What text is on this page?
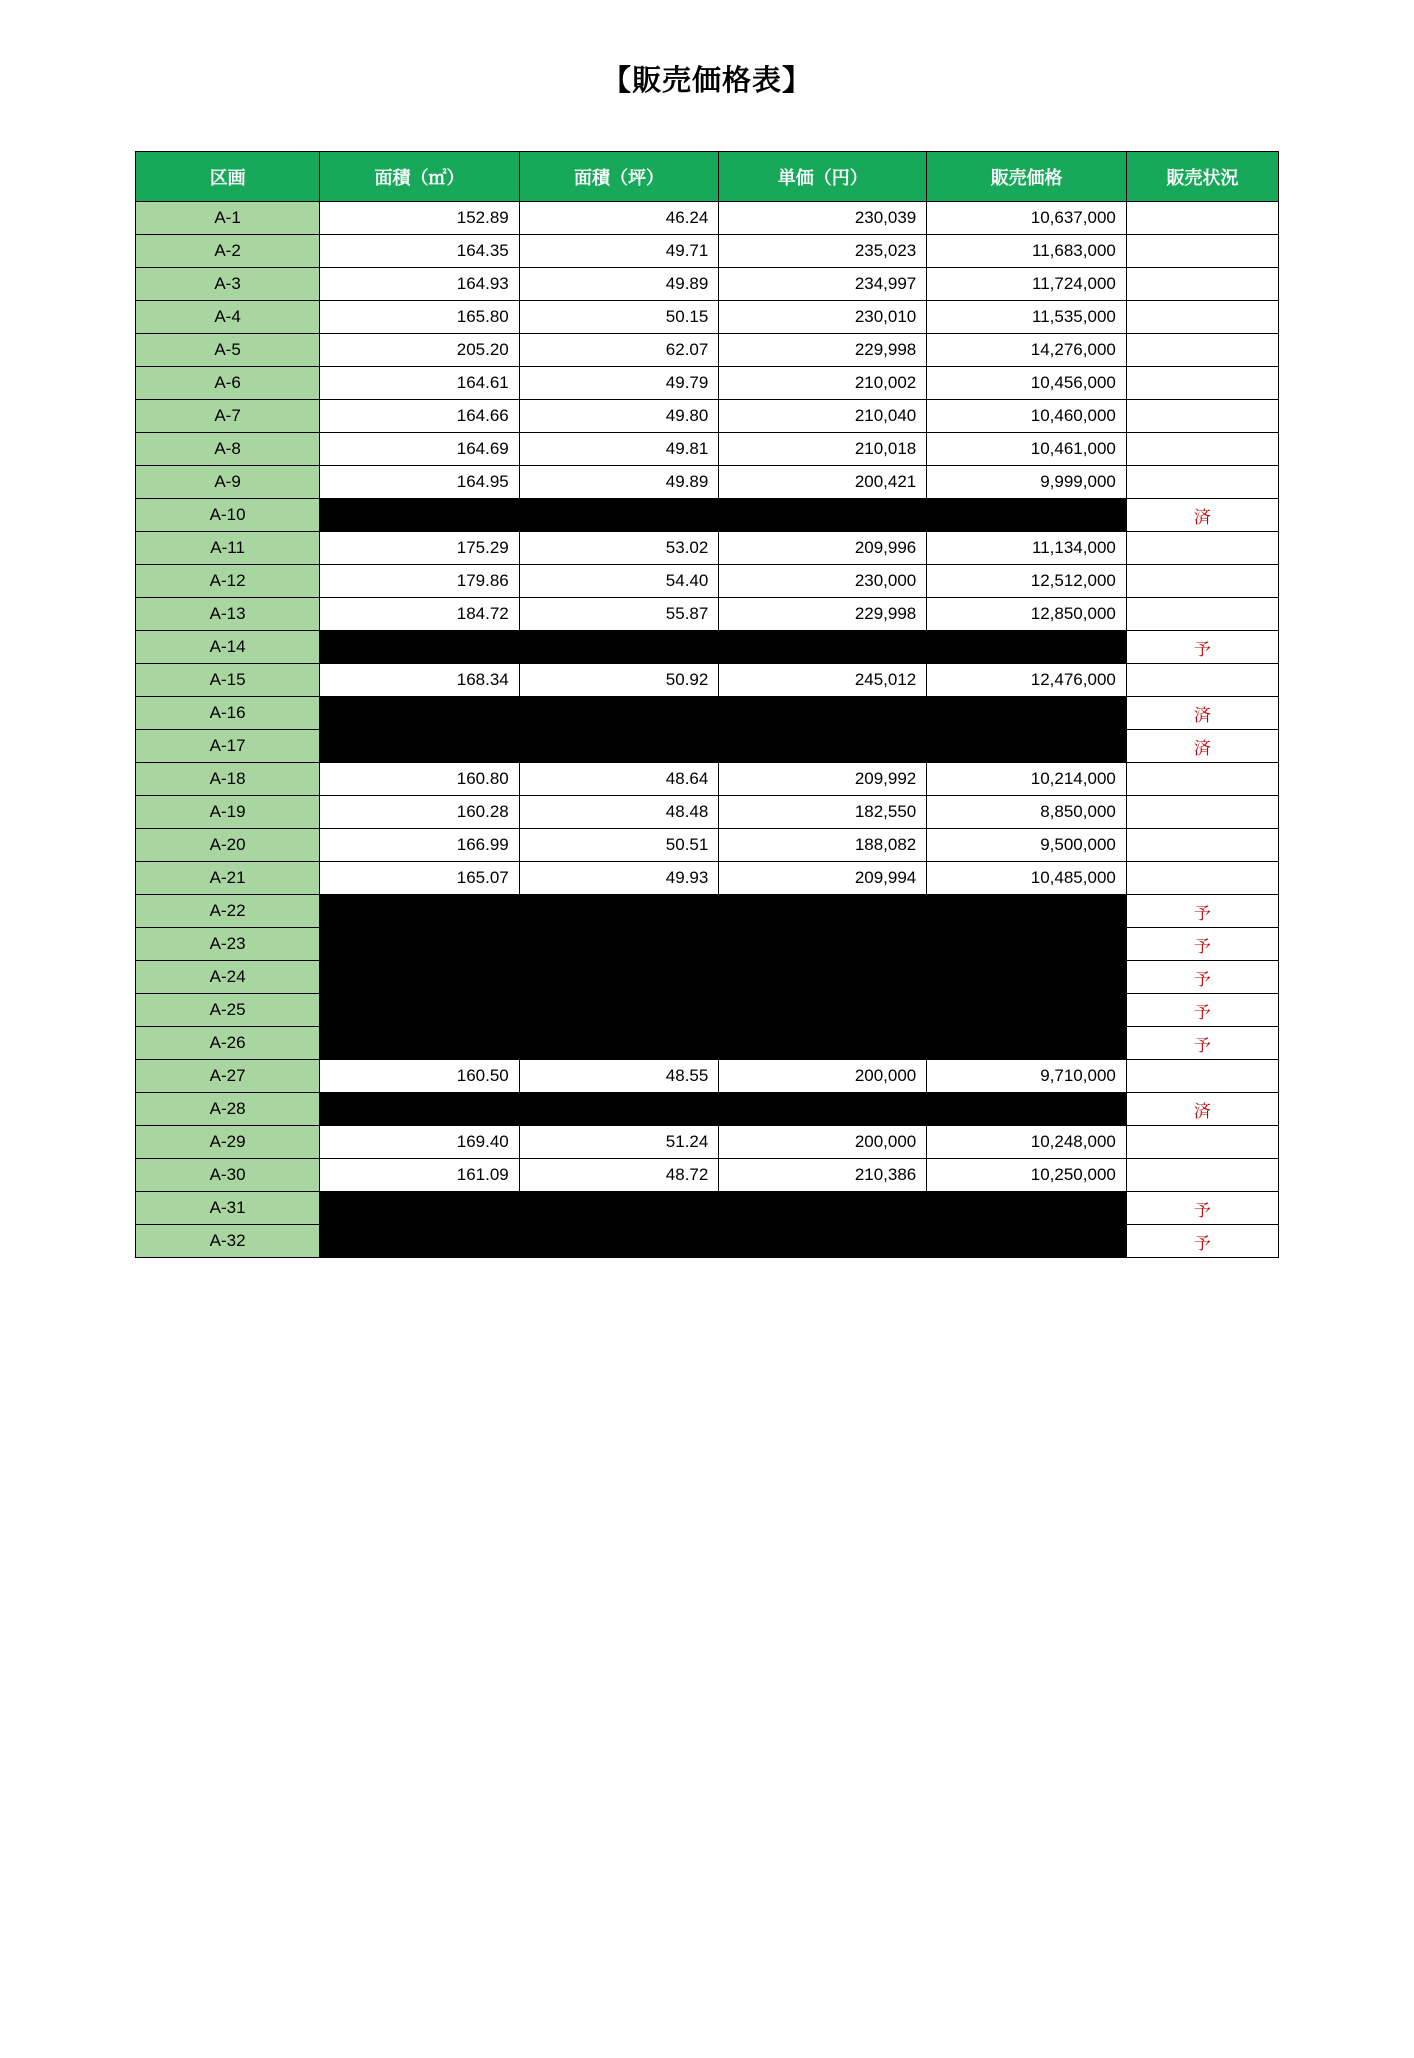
【販売価格表】
区画	面積（㎡）	面積（坪）	単価（円）	販売価格	販売状況
A-1	152.89	46.24	230,039	10,637,000	
A-2	164.35	49.71	235,023	11,683,000	
A-3	164.93	49.89	234,997	11,724,000	
A-4	165.80	50.15	230,010	11,535,000	
A-5	205.20	62.07	229,998	14,276,000	
A-6	164.61	49.79	210,002	10,456,000	
A-7	164.66	49.80	210,040	10,460,000	
A-8	164.69	49.81	210,018	10,461,000	
A-9	164.95	49.89	200,421	9,999,000	
A-10					済
A-11	175.29	53.02	209,996	11,134,000	
A-12	179.86	54.40	230,000	12,512,000	
A-13	184.72	55.87	229,998	12,850,000	
A-14					予
A-15	168.34	50.92	245,012	12,476,000	
A-16					済
A-17					済
A-18	160.80	48.64	209,992	10,214,000	
A-19	160.28	48.48	182,550	8,850,000	
A-20	166.99	50.51	188,082	9,500,000	
A-21	165.07	49.93	209,994	10,485,000	
A-22					予
A-23					予
A-24					予
A-25					予
A-26					予
A-27	160.50	48.55	200,000	9,710,000	
A-28					済
A-29	169.40	51.24	200,000	10,248,000	
A-30	161.09	48.72	210,386	10,250,000	
A-31					予
A-32					予
